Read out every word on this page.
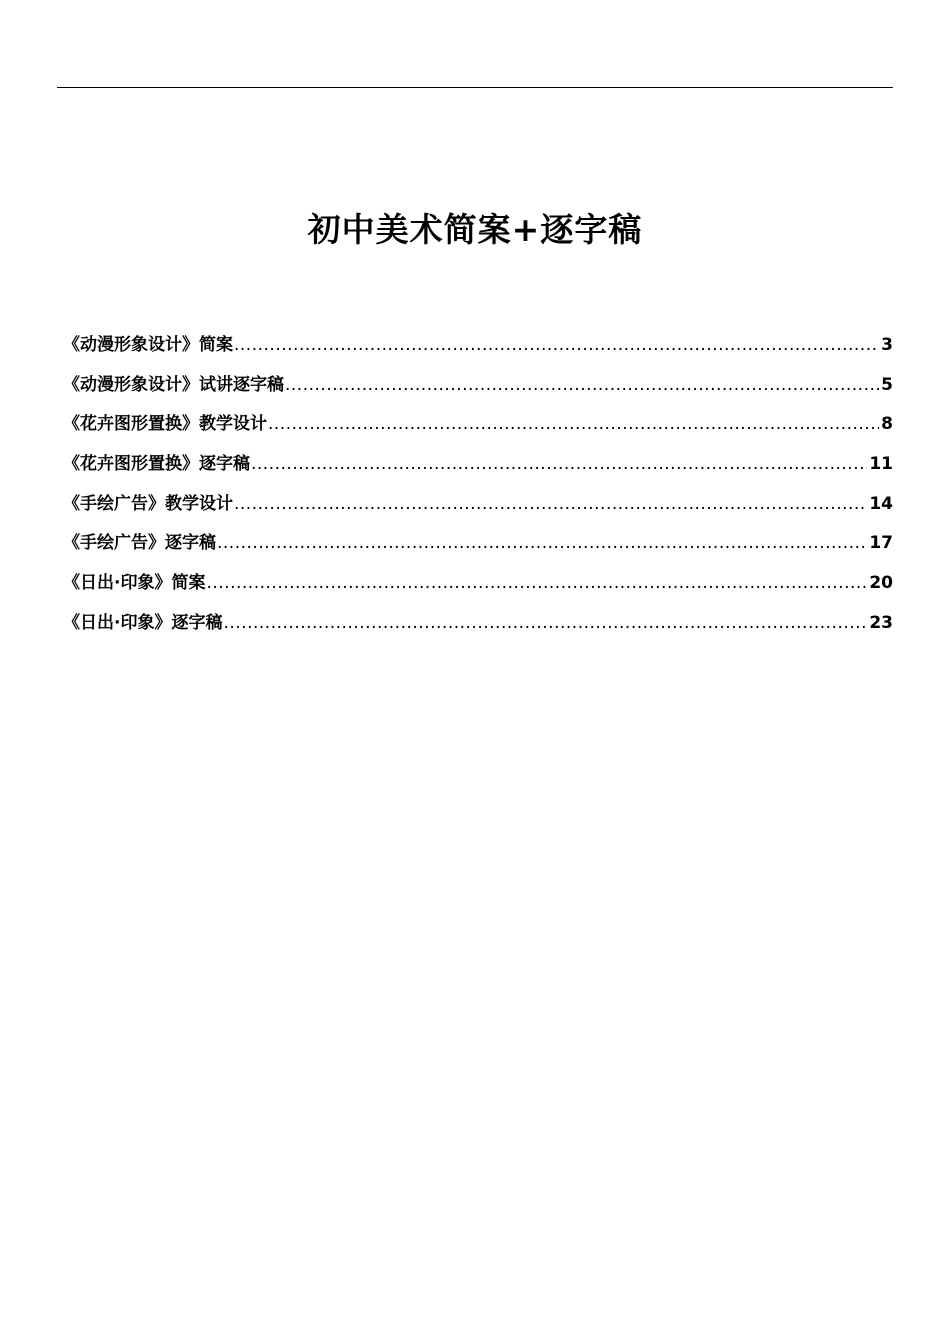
初中美术简案+逐字稿
《动漫形象设计》简案 .....	3
《动漫形象设计》试讲逐字稿 .....	5
《花卉图形置换》教学设计 .....	8
《花卉图形置换》逐字稿 .....	11
《手绘广告》教学设计 .....	14
《手绘广告》逐字稿 .....	17
《日出·印象》简案 .....	20
《日出·印象》逐字稿 .....	23
